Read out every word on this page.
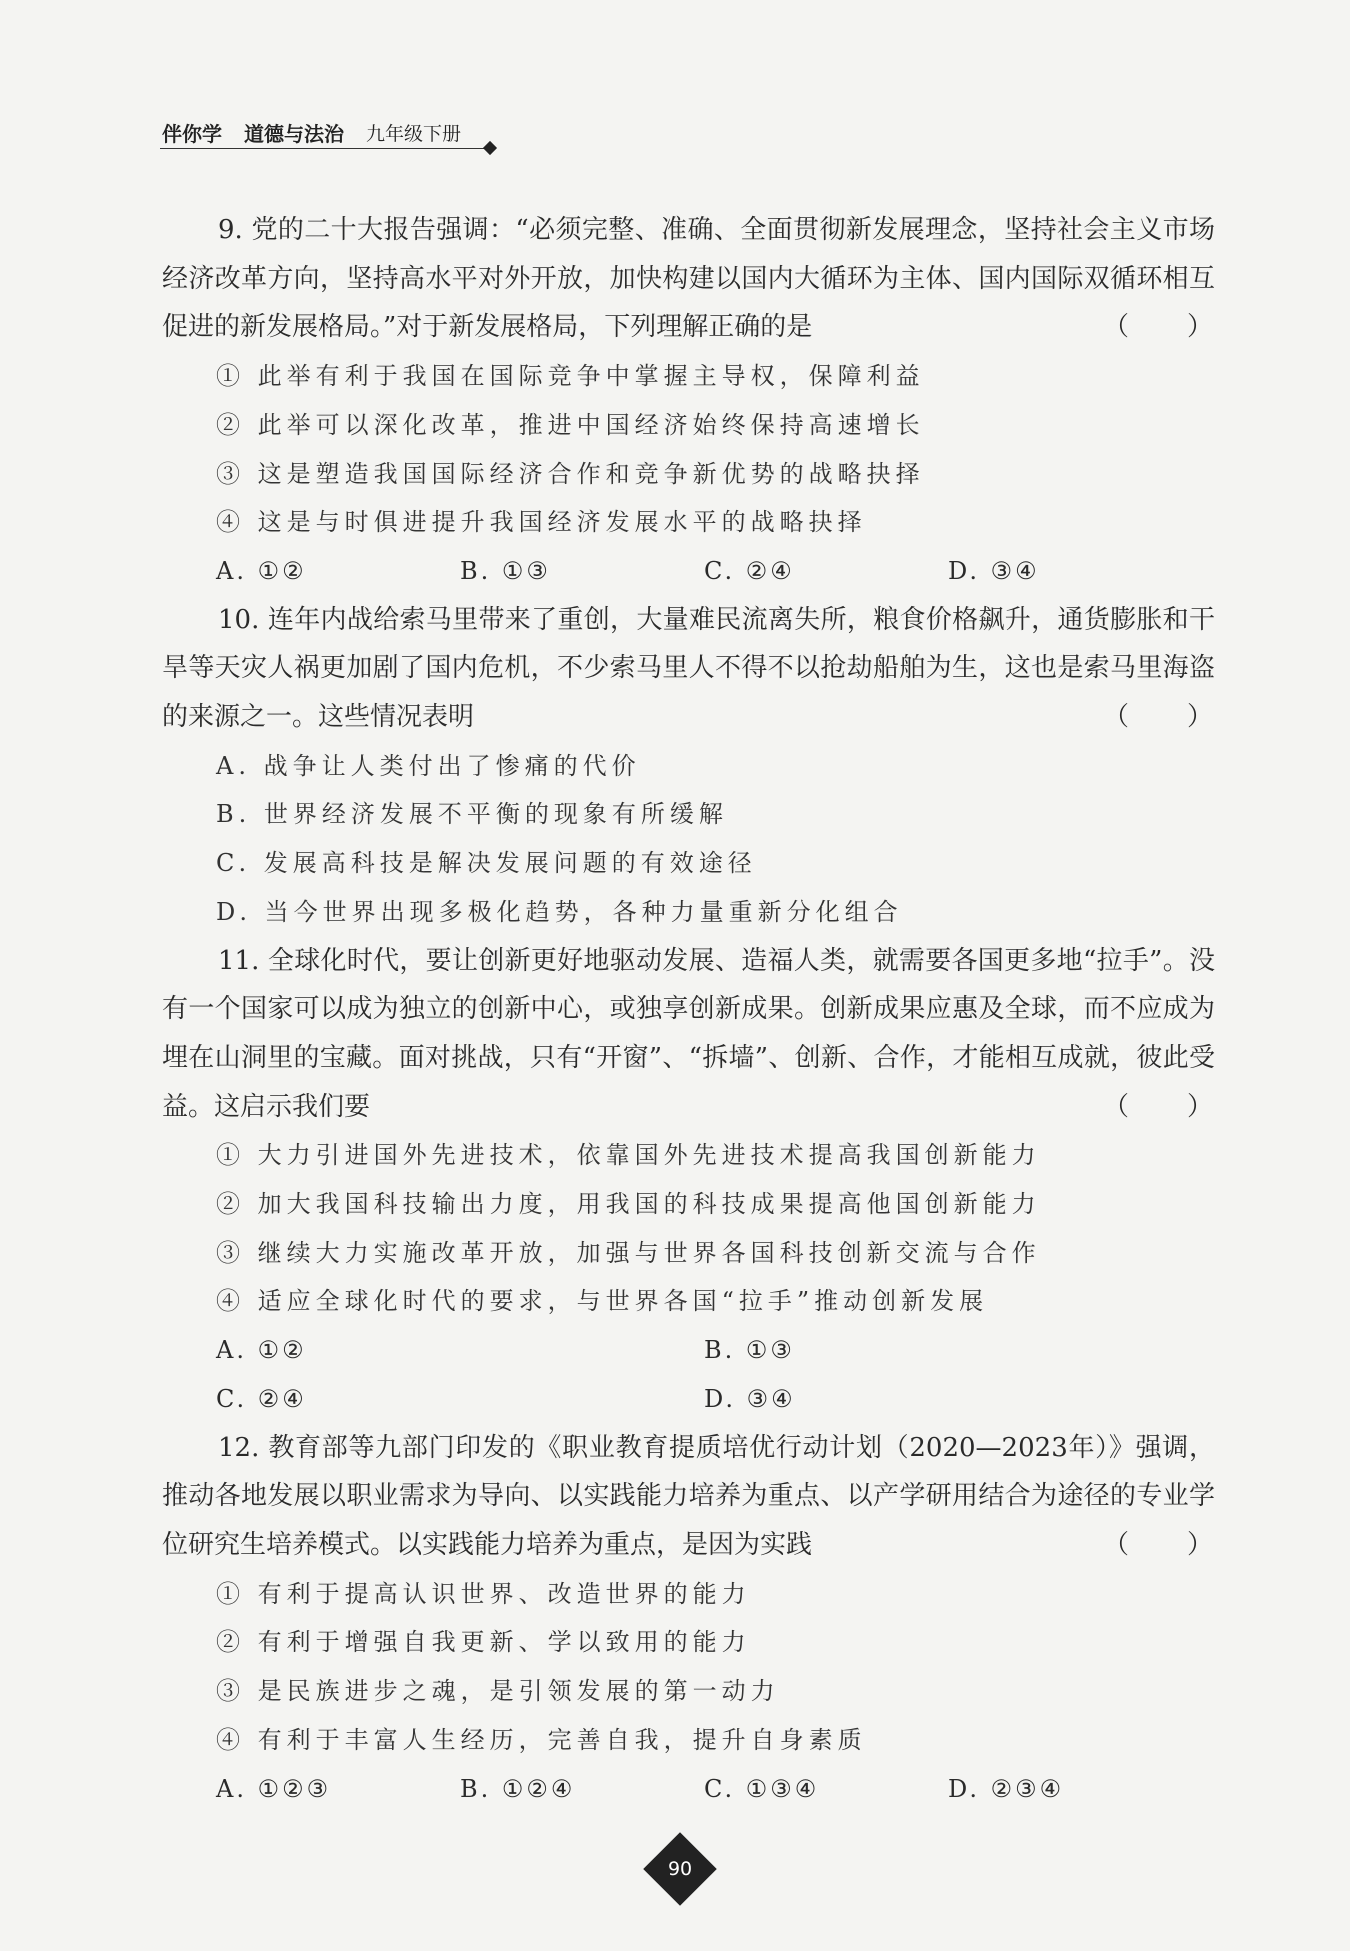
伴你学 道德与法治 九年级下册

9. 党的二十大报告强调：“必须完整、准确、全面贯彻新发展理念，坚持社会主义市场经济改革方向，坚持高水平对外开放，加快构建以国内大循环为主体、国内国际双循环相互促进的新发展格局。”对于新发展格局，下列理解正确的是	（　　）

① 此举有利于我国在国际竞争中掌握主导权，保障利益

② 此举可以深化改革，推进中国经济始终保持高速增长

③ 这是塑造我国国际经济合作和竞争新优势的战略抉择

④ 这是与时俱进提升我国经济发展水平的战略抉择

A. ①②	B. ①③	C. ②④	D. ③④

10. 连年内战给索马里带来了重创，大量难民流离失所，粮食价格飙升，通货膨胀和干旱等天灾人祸更加剧了国内危机，不少索马里人不得不以抢劫船舶为生，这也是索马里海盗的来源之一。这些情况表明	（　　）

A. 战争让人类付出了惨痛的代价

B. 世界经济发展不平衡的现象有所缓解

C. 发展高科技是解决发展问题的有效途径

D. 当今世界出现多极化趋势，各种力量重新分化组合

11. 全球化时代，要让创新更好地驱动发展、造福人类，就需要各国更多地“拉手”。没有一个国家可以成为独立的创新中心，或独享创新成果。创新成果应惠及全球，而不应成为埋在山洞里的宝藏。面对挑战，只有“开窗”、“拆墙”、创新、合作，才能相互成就，彼此受益。这启示我们要	（　　）

① 大力引进国外先进技术，依靠国外先进技术提高我国创新能力

② 加大我国科技输出力度，用我国的科技成果提高他国创新能力

③ 继续大力实施改革开放，加强与世界各国科技创新交流与合作

④ 适应全球化时代的要求，与世界各国“拉手”推动创新发展

A. ①②	B. ①③
C. ②④	D. ③④

12. 教育部等九部门印发的《职业教育提质培优行动计划（2020—2023年）》强调，推动各地发展以职业需求为导向、以实践能力培养为重点、以产学研用结合为途径的专业学位研究生培养模式。以实践能力培养为重点，是因为实践	（　　）

① 有利于提高认识世界、改造世界的能力

② 有利于增强自我更新、学以致用的能力

③ 是民族进步之魂，是引领发展的第一动力

④ 有利于丰富人生经历，完善自我，提升自身素质

A. ①②③	B. ①②④	C. ①③④	D. ②③④
90
